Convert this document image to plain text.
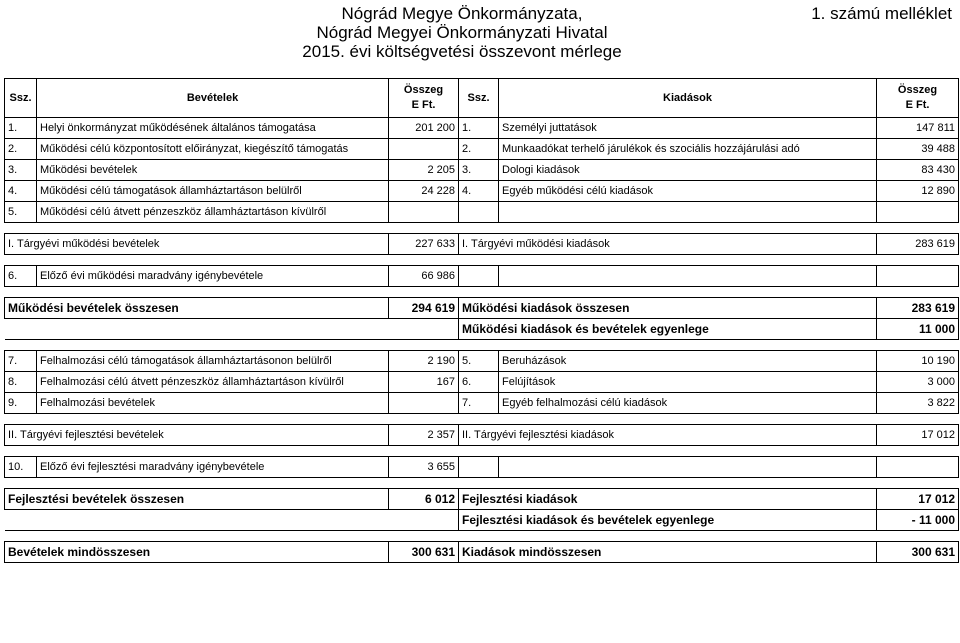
Nógrád Megye Önkormányzata,
Nógrád Megyei Önkormányzati Hivatal
2015. évi költségvetési összevont mérlege
1. számú melléklet
Ssz.	Bevételek	Összeg
E Ft.	Ssz.	Kiadások	Összeg
E Ft.
1.	Helyi önkormányzat működésének általános támogatása	201 200	1.	Személyi juttatások	147 811
2.	Működési célú központosított előirányzat, kiegészítő támogatás		2.	Munkaadókat terhelő járulékok és szociális hozzájárulási adó	39 488
3.	Működési bevételek	2 205	3.	Dologi kiadások	83 430
4.	Működési célú támogatások államháztartáson belülről	24 228	4.	Egyéb működési célú kiadások	12 890
5.	Működési célú átvett pénzeszköz államháztartáson kívülről				

I. Tárgyévi működési bevételek		227 633	I. Tárgyévi működési kiadások		283 619

6.	Előző évi működési maradvány igénybevétele	66 986			

Működési bevételek összesen		294 619	Működési kiadások összesen		283 619
			Működési kiadások és bevételek egyenlege		11 000

7.	Felhalmozási célú támogatások államháztartásonon belülről	2 190	5.	Beruházások	10 190
8.	Felhalmozási célú átvett pénzeszköz államháztartáson kívülről	167	6.	Felújítások	3 000
9.	Felhalmozási bevételek		7.	Egyéb felhalmozási célú kiadások	3 822

II. Tárgyévi fejlesztési bevételek		2 357	II. Tárgyévi fejlesztési kiadások		17 012

10.	Előző évi fejlesztési maradvány igénybevétele	3 655			

Fejlesztési bevételek összesen		6 012	Fejlesztési kiadások		17 012
			Fejlesztési kiadások és bevételek egyenlege		- 11 000

Bevételek mindösszesen		300 631	Kiadások mindösszesen		300 631
